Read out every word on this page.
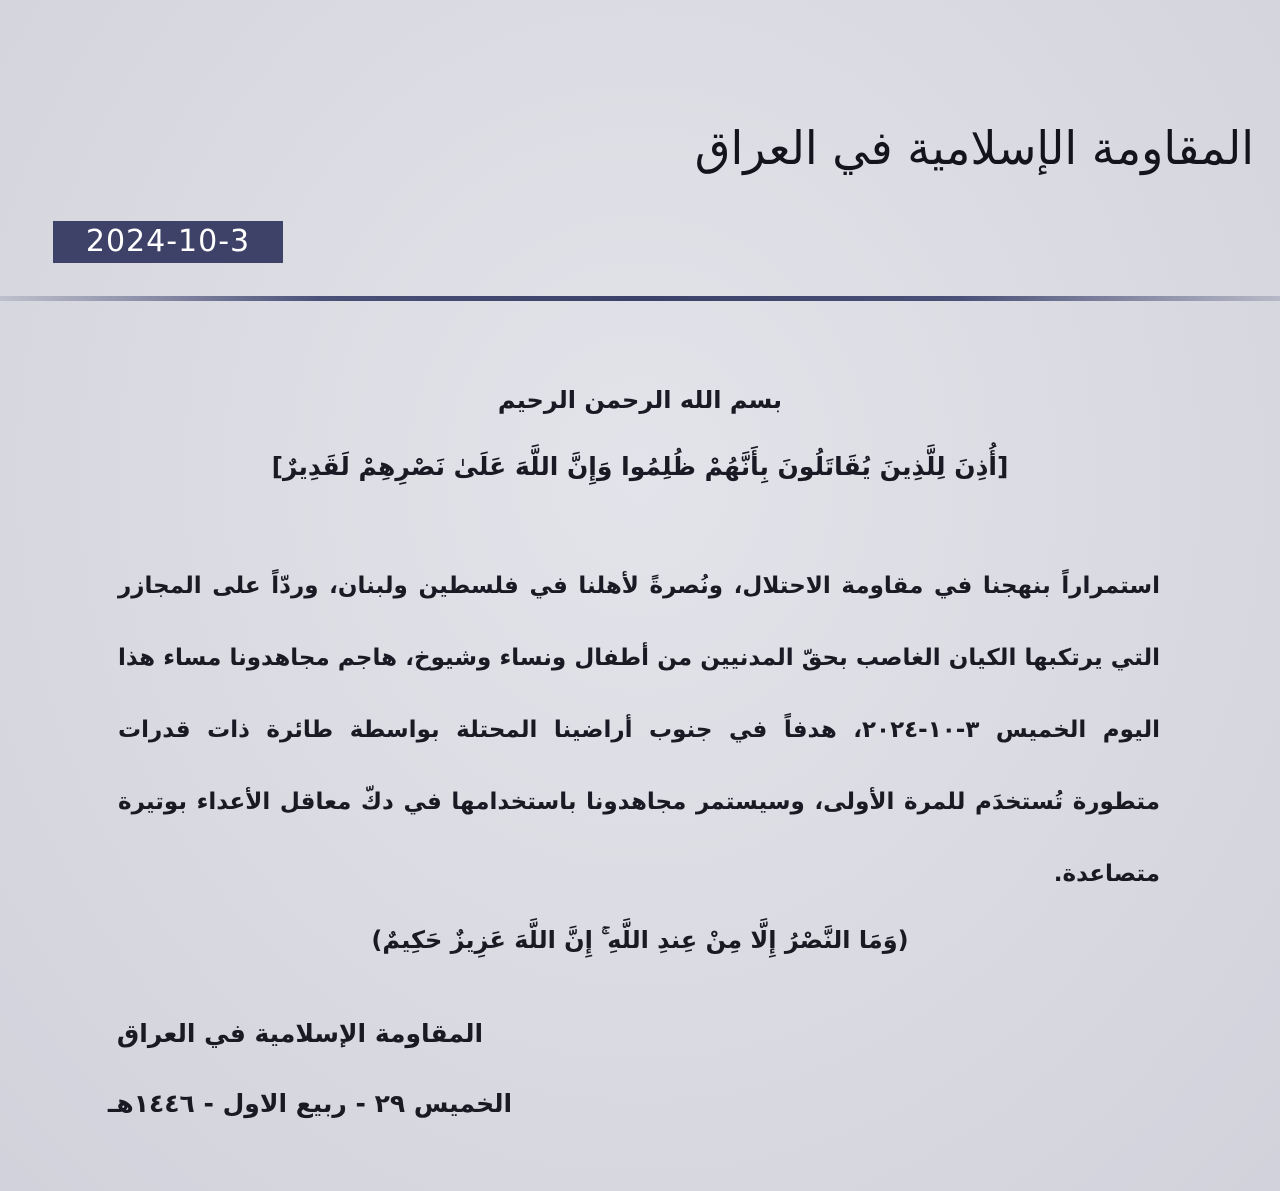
المقاومة الإسلامية في العراق
2024-10-3
بسم الله الرحمن الرحيم
[أُذِنَ لِلَّذِينَ يُقَاتَلُونَ بِأَنَّهُمْ ظُلِمُوا وَإِنَّ اللَّهَ عَلَىٰ نَصْرِهِمْ لَقَدِيرٌ]

استمراراً بنهجنا في مقاومة الاحتلال، ونُصرةً لأهلنا في فلسطين ولبنان، وردّاً على المجازر التي يرتكبها الكيان الغاصب بحقّ المدنيين من أطفال ونساء وشيوخ، هاجم مجاهدونا مساء هذا اليوم الخميس ٣-١٠-٢٠٢٤، هدفاً في جنوب أراضينا المحتلة بواسطة طائرة ذات قدرات متطورة تُستخدَم للمرة الأولى، وسيستمر مجاهدونا باستخدامها في دكّ معاقل الأعداء بوتيرة متصاعدة.

(وَمَا النَّصْرُ إِلَّا مِنْ عِندِ اللَّهِ ۚ إِنَّ اللَّهَ عَزِيزٌ حَكِيمٌ)
المقاومة الإسلامية في العراق
الخميس ٢٩ - ربيع الاول - ١٤٤٦هـ
